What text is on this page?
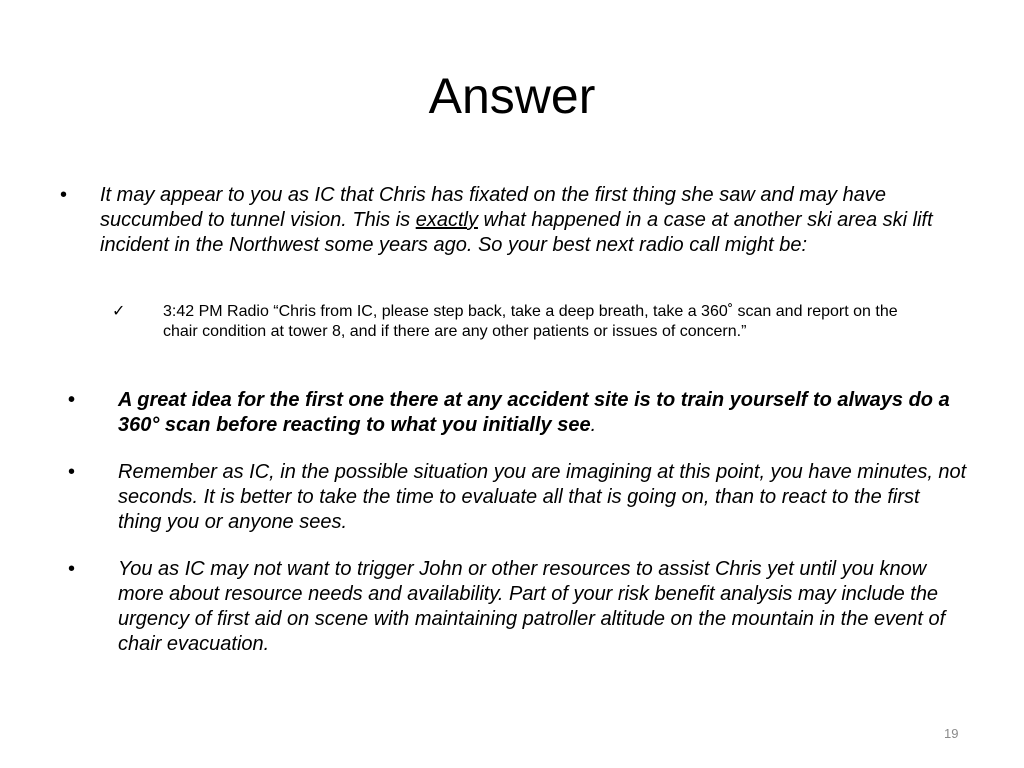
Answer
• It may appear to you as IC that Chris has fixated on the first thing she saw and may have succumbed to tunnel vision. This is exactly what happened in a case at another ski area ski lift incident in the Northwest some years ago. So your best next radio call might be:
✓ 3:42 PM Radio “Chris from IC, please step back, take a deep breath, take a 360˚ scan and report on the chair condition at tower 8, and if there are any other patients or issues of concern.”
• A great idea for the first one there at any accident site is to train yourself to always do a 360° scan before reacting to what you initially see.
• Remember as IC, in the possible situation you are imagining at this point, you have minutes, not seconds. It is better to take the time to evaluate all that is going on, than to react to the first thing you or anyone sees.
• You as IC may not want to trigger John or other resources to assist Chris yet until you know more about resource needs and availability. Part of your risk benefit analysis may include the urgency of first aid on scene with maintaining patroller altitude on the mountain in the event of chair evacuation.
19
